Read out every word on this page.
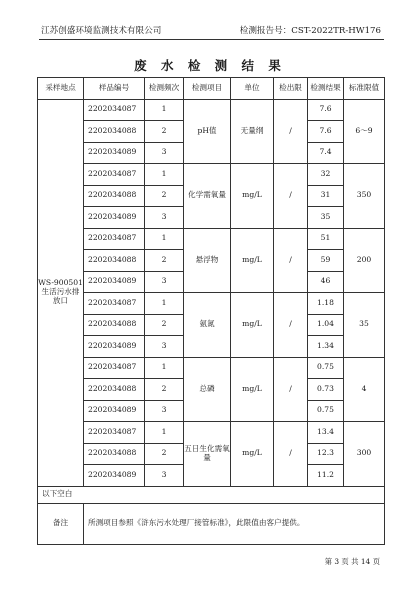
江苏创盛环境监测技术有限公司	检测报告号：CST-2022TR-HW176
废 水 检 测 结 果
采样地点	样品编号	检测频次	检测项目	单位	检出限	检测结果	标准限值
WS-900501生活污水排放口	2202034087	1	pH值	无量纲	/	7.6	6～9
	2202034088	2				7.6	
	2202034089	3				7.4	
	2202034087	1	化学需氧量	mg/L	/	32	350
	2202034088	2				31	
	2202034089	3				35	
	2202034087	1	悬浮物	mg/L	/	51	200
	2202034088	2				59	
	2202034089	3				46	
	2202034087	1	氨氮	mg/L	/	1.18	35
	2202034088	2				1.04	
	2202034089	3				1.34	
	2202034087	1	总磷	mg/L	/	0.75	4
	2202034088	2				0.73	
	2202034089	3				0.75	
	2202034087	1	五日生化需氧量	mg/L	/	13.4	300
	2202034088	2				12.3	
	2202034089	3				11.2	
以下空白							
备注	所测项目参照《浒东污水处理厂接管标准》，此限值由客户提供。						
第 3 页 共 14 页
